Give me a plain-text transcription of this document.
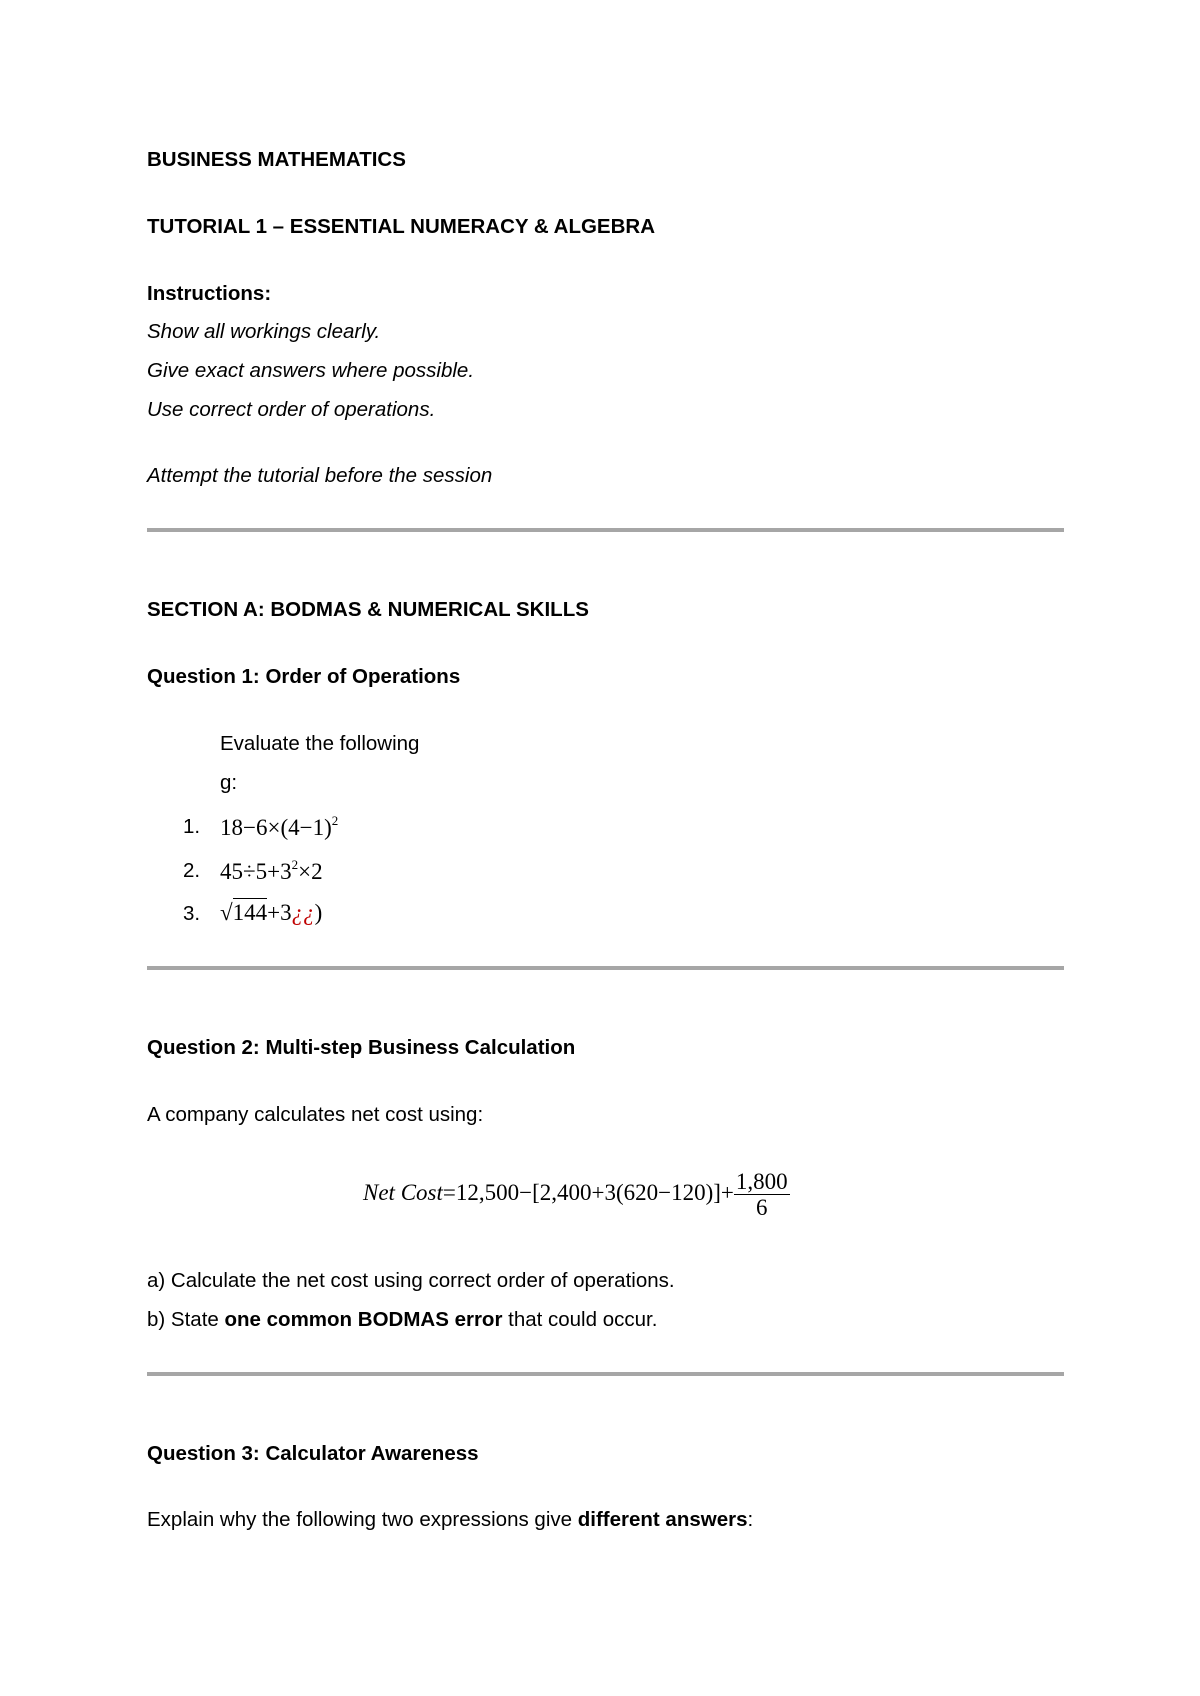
BUSINESS MATHEMATICS
TUTORIAL 1 – ESSENTIAL NUMERACY & ALGEBRA
Instructions:
Show all workings clearly.
Give exact answers where possible.
Use correct order of operations.
Attempt the tutorial before the session
SECTION A: BODMAS & NUMERICAL SKILLS
Question 1: Order of Operations
Evaluate the following
g:
1. $18-6\times(4-1)^2$
2. $45\div 5+3^2\times 2$
3. √144+3¿¿)
Question 2: Multi-step Business Calculation
A company calculates net cost using:
Net Cost=12,500−[2,400+3(620−120)]+ $\frac{1,800}{6}$
a) Calculate the net cost using correct order of operations.
b) State one common BODMAS error that could occur.
Question 3: Calculator Awareness
Explain why the following two expressions give different answers:
